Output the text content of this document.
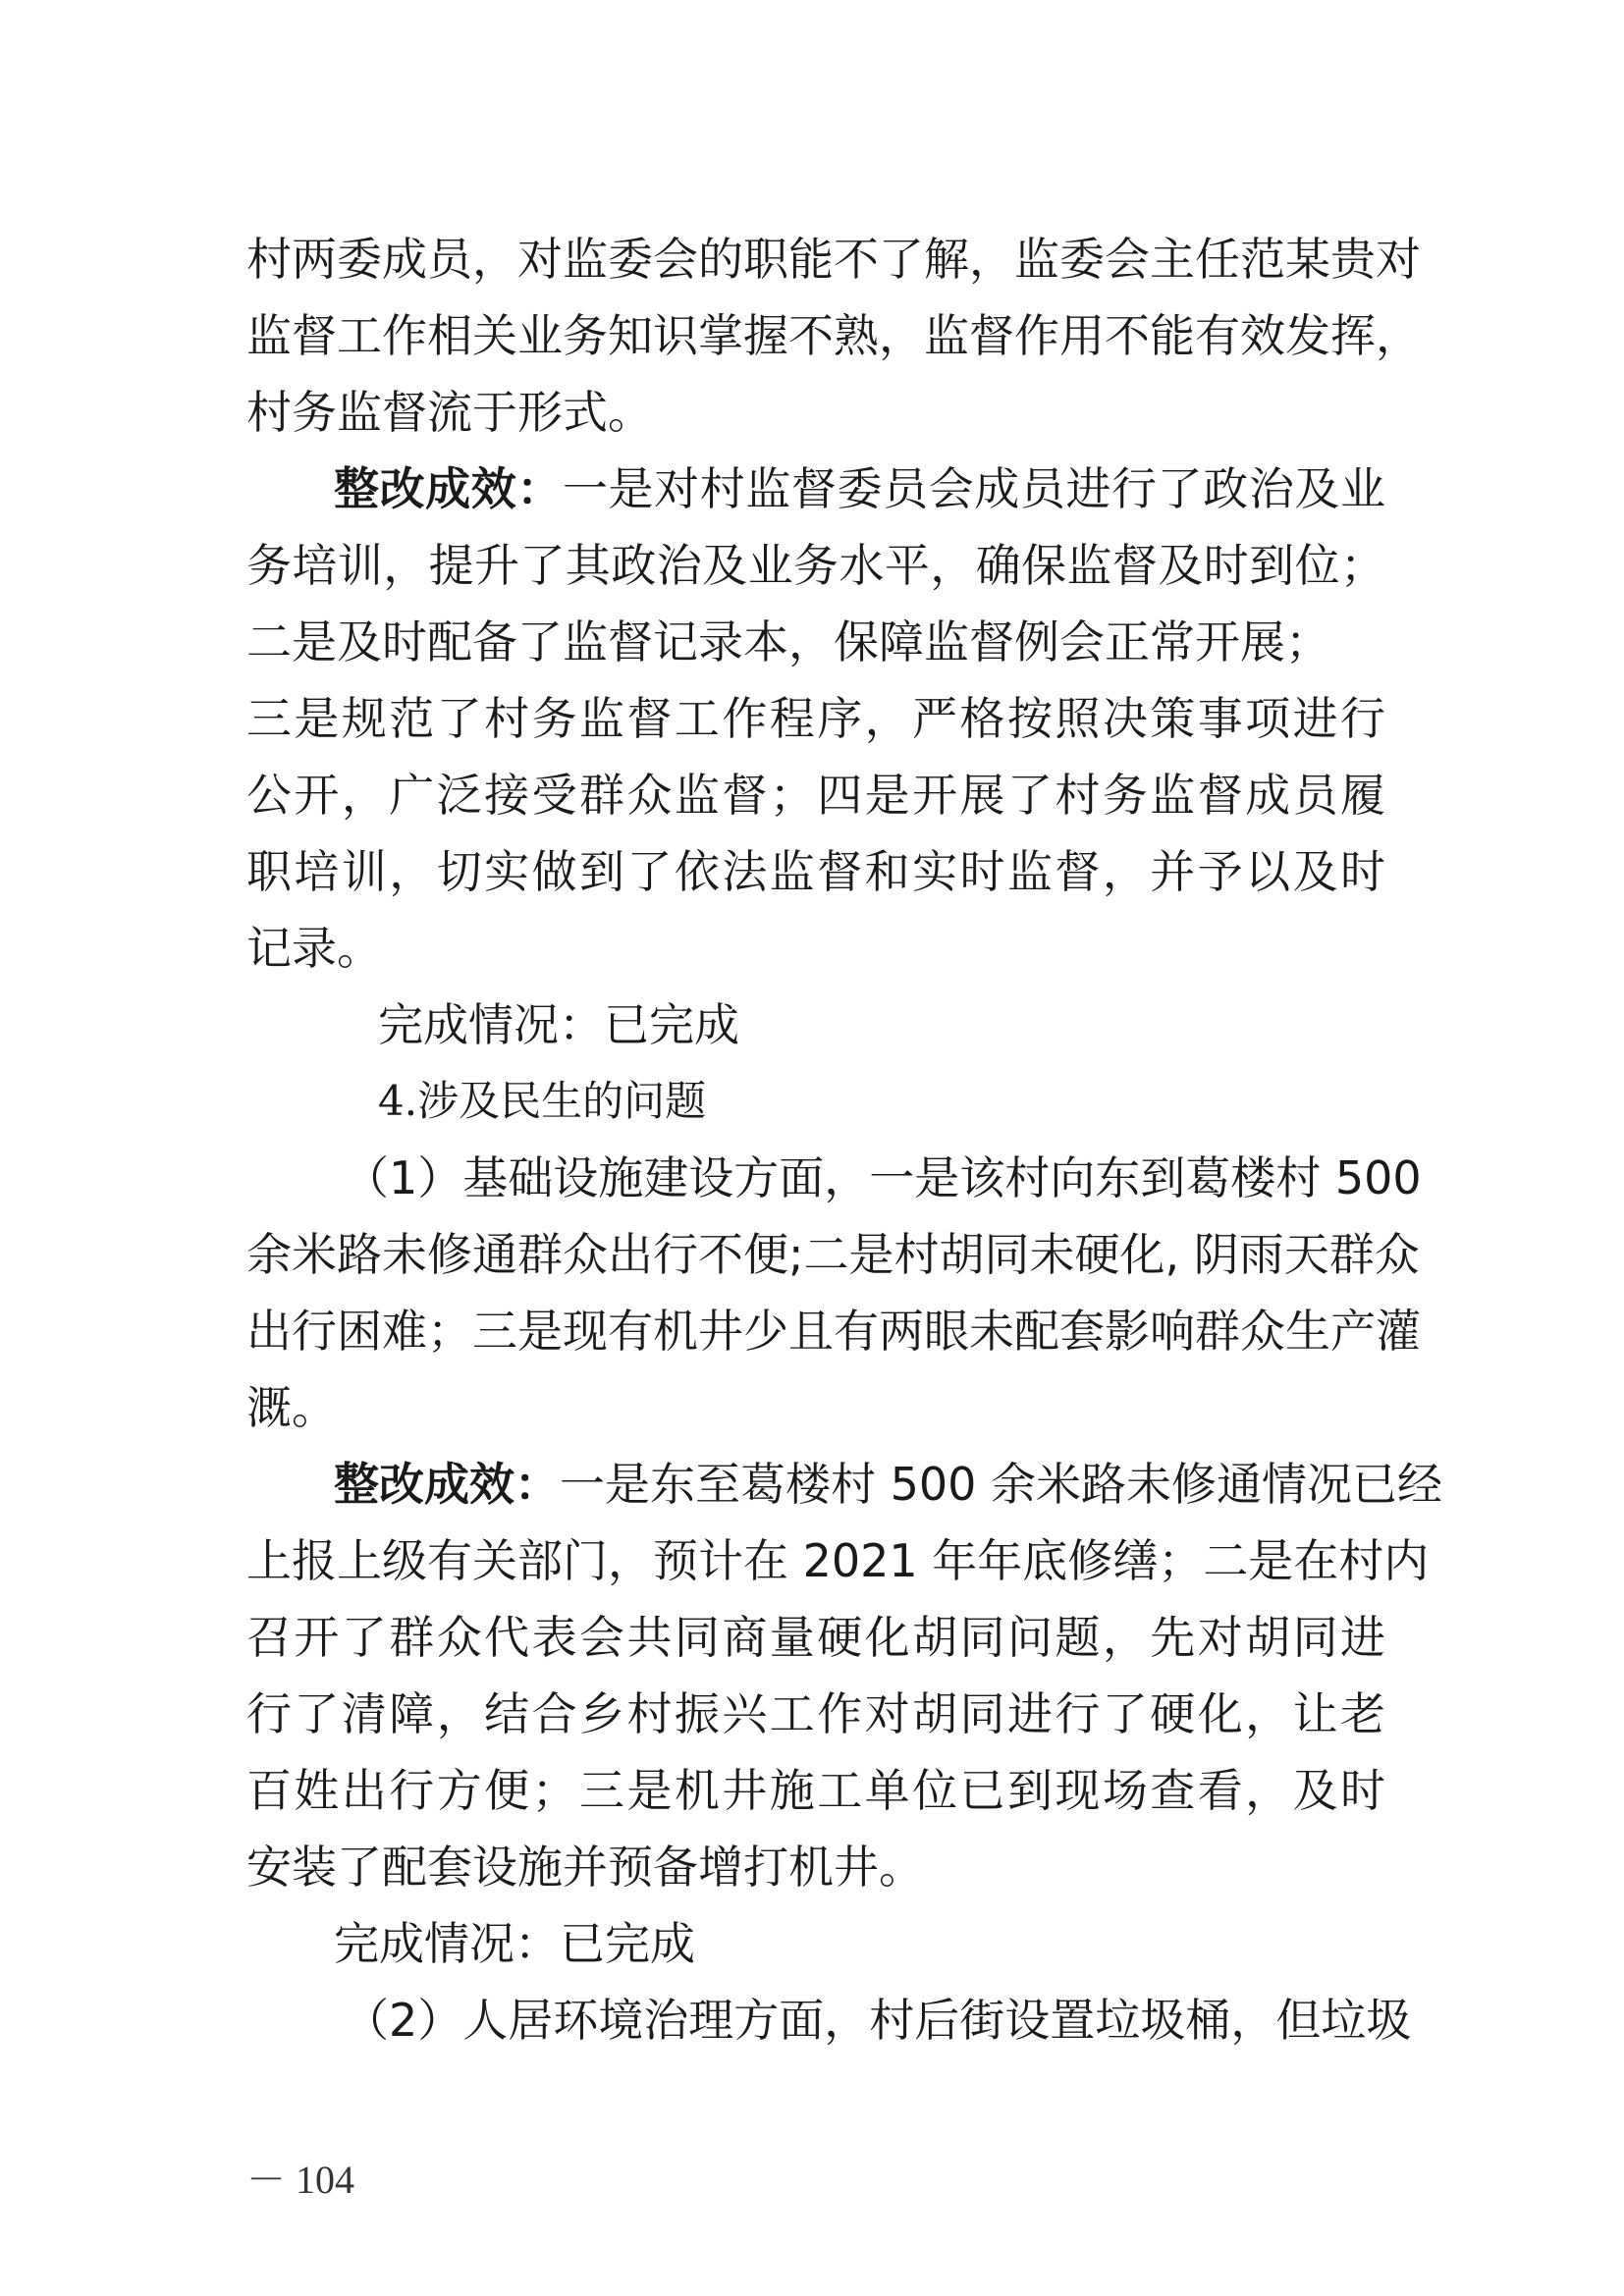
村两委成员，对监委会的职能不了解，监委会主任范某贵对
监督工作相关业务知识掌握不熟，监督作用不能有效发挥，
村务监督流于形式。
整改成效：一是对村监督委员会成员进行了政治及业
务培训，提升了其政治及业务水平，确保监督及时到位；
二是及时配备了监督记录本，保障监督例会正常开展；
三是规范了村务监督工作程序，严格按照决策事项进行
公开，广泛接受群众监督；四是开展了村务监督成员履
职培训，切实做到了依法监督和实时监督，并予以及时
记录。
完成情况：已完成
4.涉及民生的问题
（1）基础设施建设方面，一是该村向东到葛楼村 500
余米路未修通群众出行不便;二是村胡同未硬化, 阴雨天群众
出行困难；三是现有机井少且有两眼未配套影响群众生产灌
溉。
整改成效：一是东至葛楼村 500 余米路未修通情况已经
上报上级有关部门，预计在 2021 年年底修缮；二是在村内
召开了群众代表会共同商量硬化胡同问题，先对胡同进
行了清障，结合乡村振兴工作对胡同进行了硬化，让老
百姓出行方便；三是机井施工单位已到现场查看，及时
安装了配套设施并预备增打机井。
完成情况：已完成
（2）人居环境治理方面，村后街设置垃圾桶，但垃圾
－ 104
